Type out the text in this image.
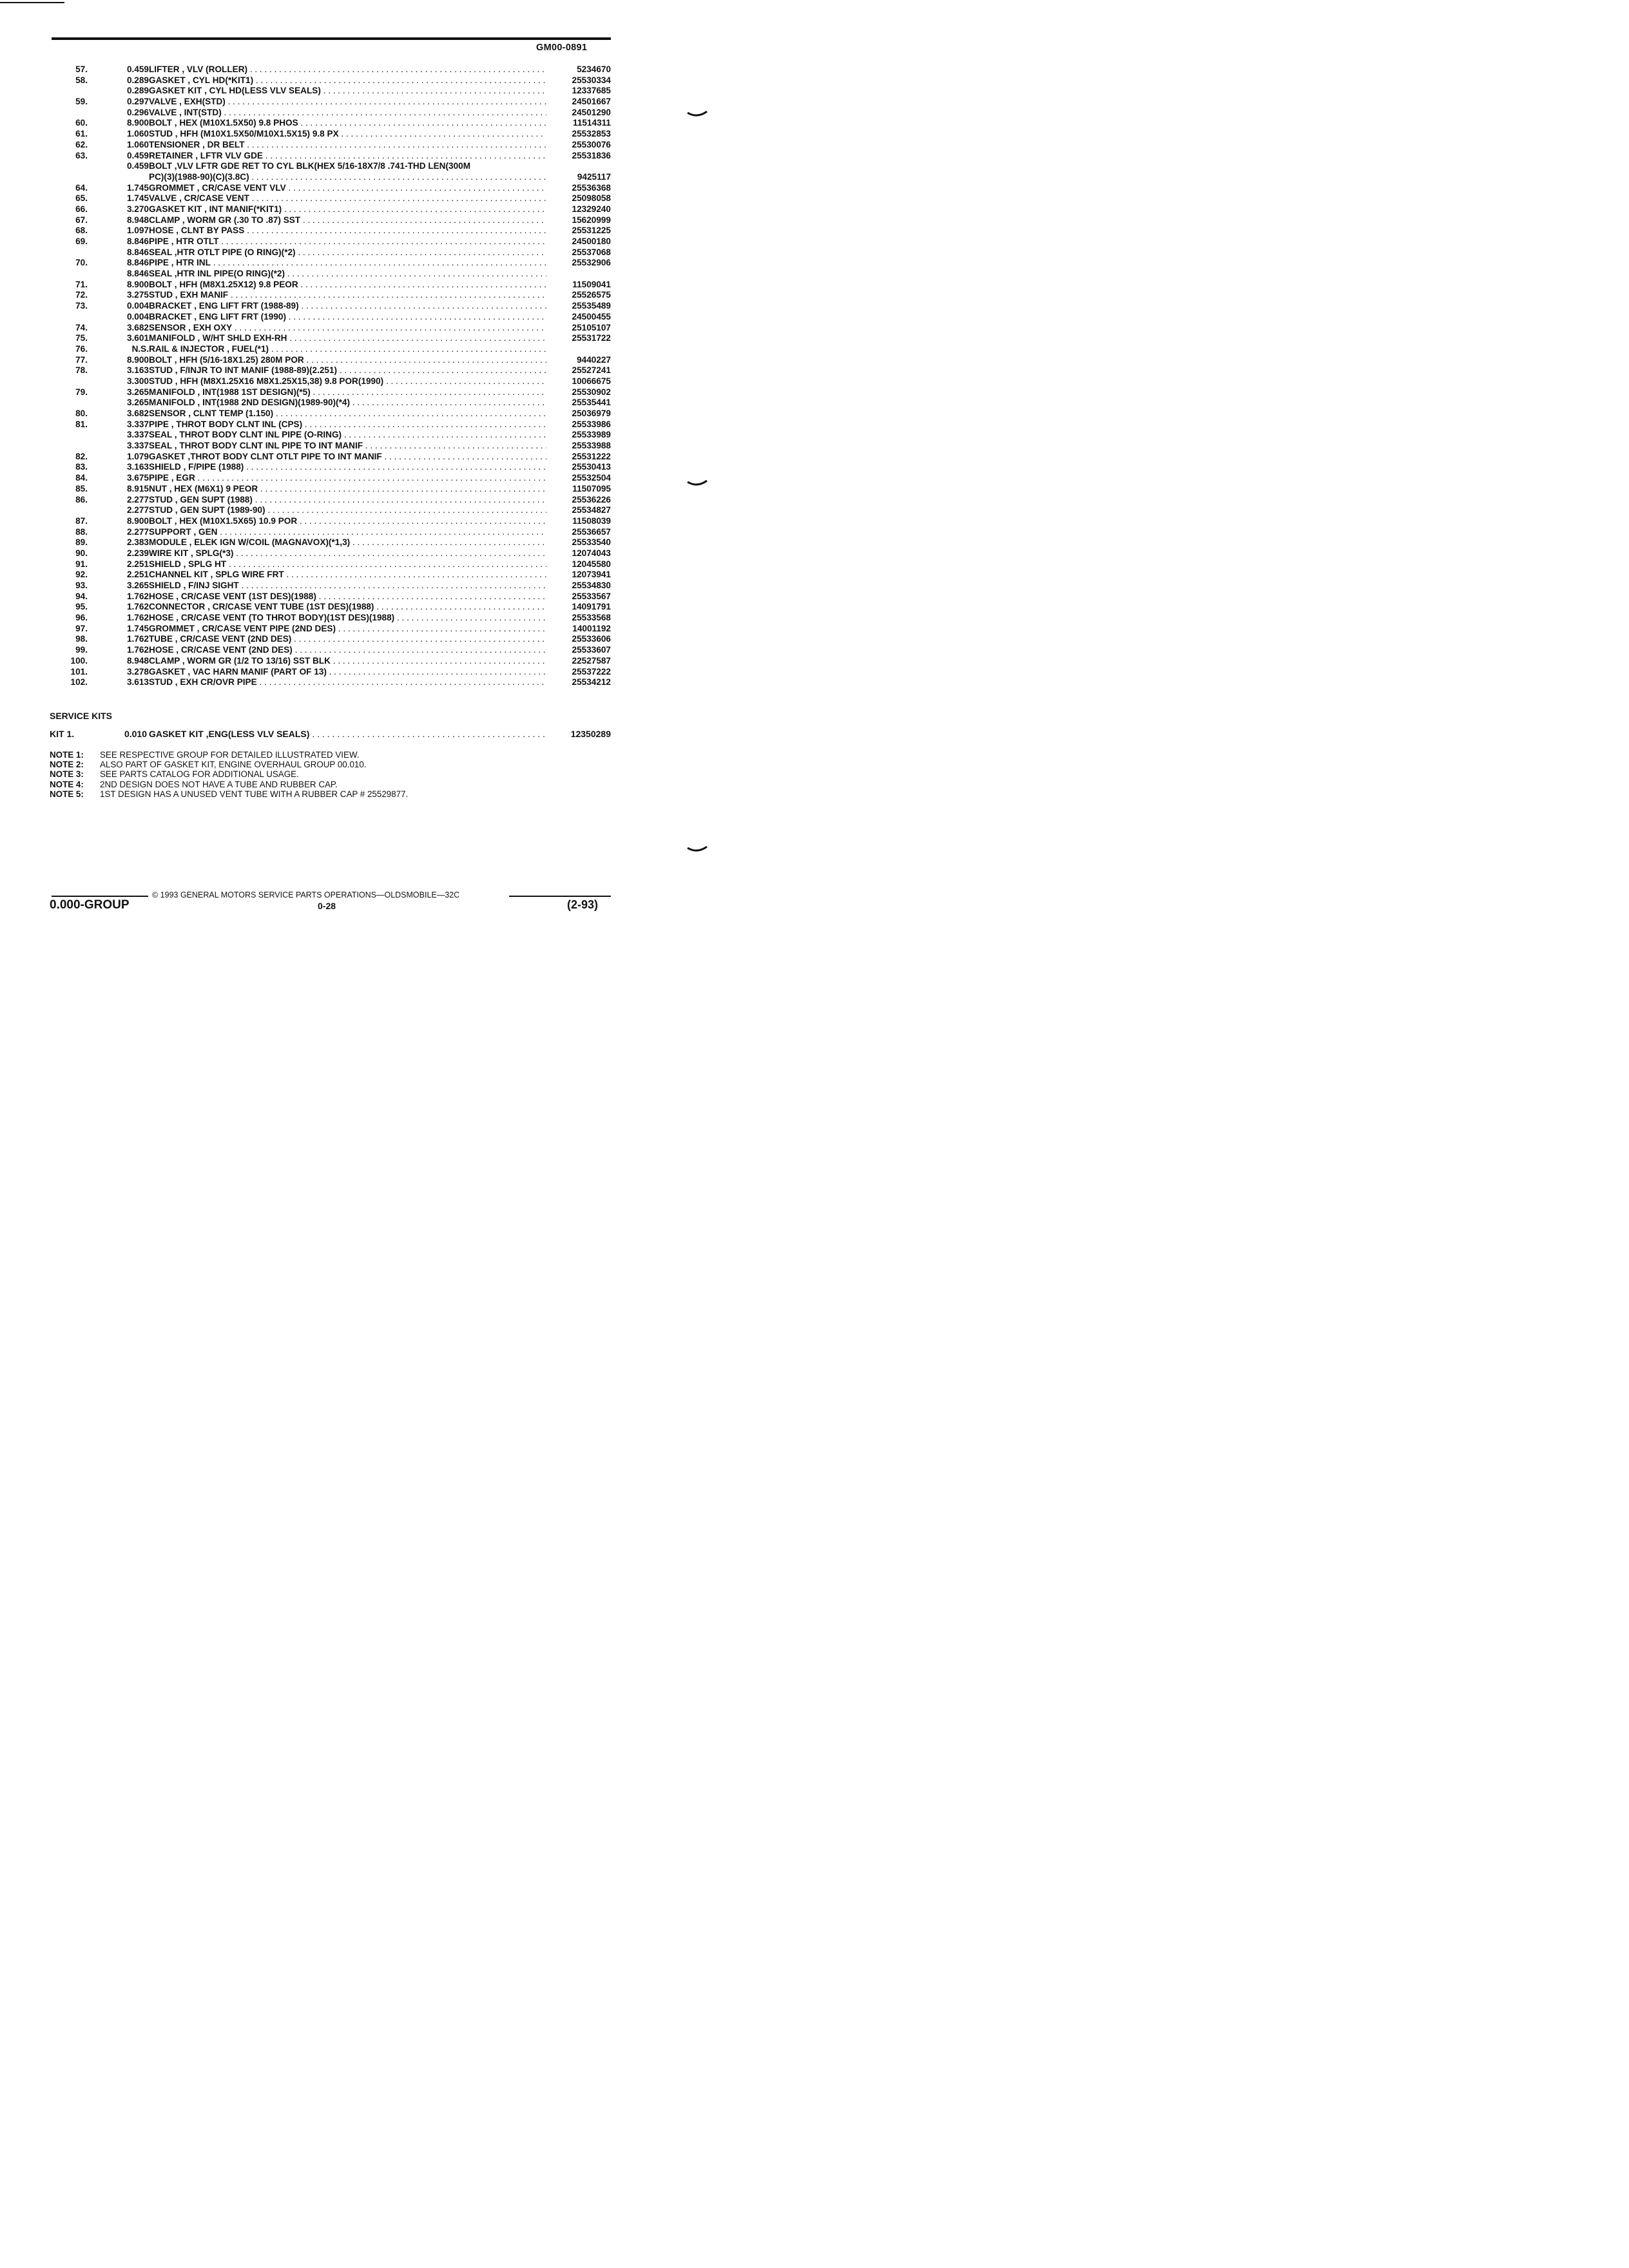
GM00-0891
57.	0.459 LIFTER , VLV (ROLLER) . . .	5234670
58.	0.289 GASKET , CYL HD(*KIT1) . . .	25530334
0.289 GASKET KIT , CYL HD(LESS VLV SEALS) . . .	12337685
59.	0.297 VALVE , EXH(STD) . . .	24501667
0.296 VALVE , INT(STD) . . .	24501290
60.	8.900 BOLT , HEX (M10X1.5X50) 9.8 PHOS . . .	11514311
61.	1.060 STUD , HFH (M10X1.5X50/M10X1.5X15) 9.8 PX . . .	25532853
62.	1.060 TENSIONER , DR BELT . . .	25530076
63.	0.459 RETAINER , LFTR VLV GDE . . .	25531836
0.459 BOLT ,VLV LFTR GDE RET TO CYL BLK(HEX 5/16-18X7/8 .741-THD LEN(300M
PC)(3)(1988-90)(C)(3.8C) . . .	9425117
64.	1.745 GROMMET , CR/CASE VENT VLV . . .	25536368
65.	1.745 VALVE , CR/CASE VENT . . .	25098058
66.	3.270 GASKET KIT , INT MANIF(*KIT1) . . .	12329240
67.	8.948 CLAMP , WORM GR (.30 TO .87) SST . . .	15620999
68.	1.097 HOSE , CLNT BY PASS . . .	25531225
69.	8.846 PIPE , HTR OTLT . . .	24500180
8.846 SEAL ,HTR OTLT PIPE (O RING)(*2) . . .	25537068
70.	8.846 PIPE , HTR INL . . .	25532906
8.846 SEAL ,HTR INL PIPE(O RING)(*2) . . .
71.	8.900 BOLT , HFH (M8X1.25X12) 9.8 PEOR . . .	11509041
72.	3.275 STUD , EXH MANIF . . .	25526575
73.	0.004 BRACKET , ENG LIFT FRT (1988-89) . . .	25535489
0.004 BRACKET , ENG LIFT FRT (1990) . . .	24500455
74.	3.682 SENSOR , EXH OXY . . .	25105107
75.	3.601 MANIFOLD , W/HT SHLD EXH-RH . . .	25531722
76.	N.S. RAIL & INJECTOR , FUEL(*1) . . .
77.	8.900 BOLT , HFH (5/16-18X1.25) 280M POR . . .	9440227
78.	3.163 STUD , F/INJR TO INT MANIF (1988-89)(2.251) . . .	25527241
3.300 STUD , HFH (M8X1.25X16 M8X1.25X15,38) 9.8 POR(1990) . . .	10066675
79.	3.265 MANIFOLD , INT(1988 1ST DESIGN)(*5) . . .	25530902
3.265 MANIFOLD , INT(1988 2ND DESIGN)(1989-90)(*4) . . .	25535441
80.	3.682 SENSOR , CLNT TEMP (1.150) . . .	25036979
81.	3.337 PIPE , THROT BODY CLNT INL (CPS) . . .	25533986
3.337 SEAL , THROT BODY CLNT INL PIPE (O-RING) . . .	25533989
3.337 SEAL , THROT BODY CLNT INL PIPE TO INT MANIF . . .	25533988
82.	1.079 GASKET ,THROT BODY CLNT OTLT PIPE TO INT MANIF . . .	25531222
83.	3.163 SHIELD , F/PIPE (1988) . . .	25530413
84.	3.675 PIPE , EGR . . .	25532504
85.	8.915 NUT , HEX (M6X1) 9 PEOR . . .	11507095
86.	2.277 STUD , GEN SUPT (1988) . . .	25536226
2.277 STUD , GEN SUPT (1989-90) . . .	25534827
87.	8.900 BOLT , HEX (M10X1.5X65) 10.9 POR . . .	11508039
88.	2.277 SUPPORT , GEN . . .	25536657
89.	2.383 MODULE , ELEK IGN W/COIL (MAGNAVOX)(*1,3) . . .	25533540
90.	2.239 WIRE KIT , SPLG(*3) . . .	12074043
91.	2.251 SHIELD , SPLG HT . . .	12045580
92.	2.251 CHANNEL KIT , SPLG WIRE FRT . . .	12073941
93.	3.265 SHIELD , F/INJ SIGHT . . .	25534830
94.	1.762 HOSE , CR/CASE VENT (1ST DES)(1988) . . .	25533567
95.	1.762 CONNECTOR , CR/CASE VENT TUBE (1ST DES)(1988) . . .	14091791
96.	1.762 HOSE , CR/CASE VENT (TO THROT BODY)(1ST DES)(1988) . . .	25533568
97.	1.745 GROMMET , CR/CASE VENT PIPE (2ND DES) . . .	14001192
98.	1.762 TUBE , CR/CASE VENT (2ND DES) . . .	25533606
99.	1.762 HOSE , CR/CASE VENT (2ND DES) . . .	25533607
100.	8.948 CLAMP , WORM GR (1/2 TO 13/16) SST BLK . . .	22527587
101.	3.278 GASKET , VAC HARN MANIF (PART OF 13) . . .	25537222
102.	3.613 STUD , EXH CR/OVR PIPE . . .	25534212
SERVICE KITS
KIT 1.	0.010 GASKET KIT ,ENG(LESS VLV SEALS) . . .	12350289
NOTE 1: SEE RESPECTIVE GROUP FOR DETAILED ILLUSTRATED VIEW.
NOTE 2: ALSO PART OF GASKET KIT, ENGINE OVERHAUL GROUP 00.010.
NOTE 3: SEE PARTS CATALOG FOR ADDITIONAL USAGE.
NOTE 4: 2ND DESIGN DOES NOT HAVE A TUBE AND RUBBER CAP.
NOTE 5: 1ST DESIGN HAS A UNUSED VENT TUBE WITH A RUBBER CAP # 25529877.
© 1993 GENERAL MOTORS SERVICE PARTS OPERATIONS—OLDSMOBILE—32C
0.000-GROUP	0-28	(2-93)
